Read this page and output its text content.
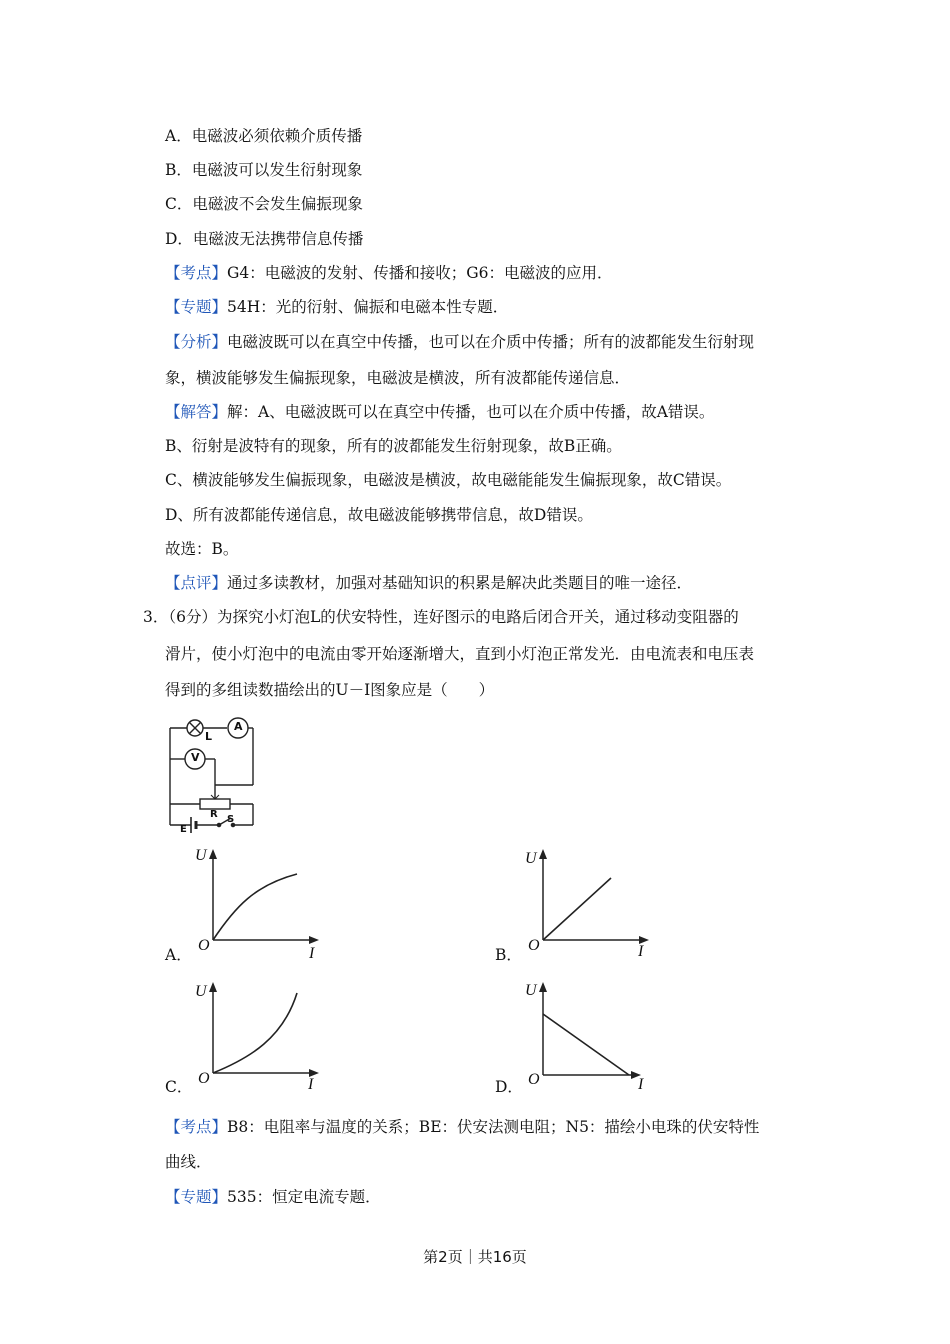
A．电磁波必须依赖介质传播
B．电磁波可以发生衍射现象
C．电磁波不会发生偏振现象
D．电磁波无法携带信息传播
【考点】G4：电磁波的发射、传播和接收；G6：电磁波的应用．
【专题】54H：光的衍射、偏振和电磁本性专题．
【分析】电磁波既可以在真空中传播，也可以在介质中传播；所有的波都能发生衍射现
象，横波能够发生偏振现象，电磁波是横波，所有波都能传递信息．
【解答】解：A、电磁波既可以在真空中传播，也可以在介质中传播，故A错误。
B、衍射是波特有的现象，所有的波都能发生衍射现象，故B正确。
C、横波能够发生偏振现象，电磁波是横波，故电磁能能发生偏振现象，故C错误。
D、所有波都能传递信息，故电磁波能够携带信息，故D错误。
故选：B。
【点评】通过多读教材，加强对基础知识的积累是解决此类题目的唯一途径．
3．（6分）为探究小灯泡L的伏安特性，连好图示的电路后闭合开关，通过移动变阻器的
滑片，使小灯泡中的电流由零开始逐渐增大，直到小灯泡正常发光．由电流表和电压表
得到的多组读数描绘出的U－I图象应是（　　）
L
A
V
R
E
S
A．
U
O	I	B．
U
O	I
C．
U
O	I	D．
U
O	I
【考点】B8：电阻率与温度的关系；BE：伏安法测电阻；N5：描绘小电珠的伏安特性
曲线．
【专题】535：恒定电流专题．
第2页｜共16页
